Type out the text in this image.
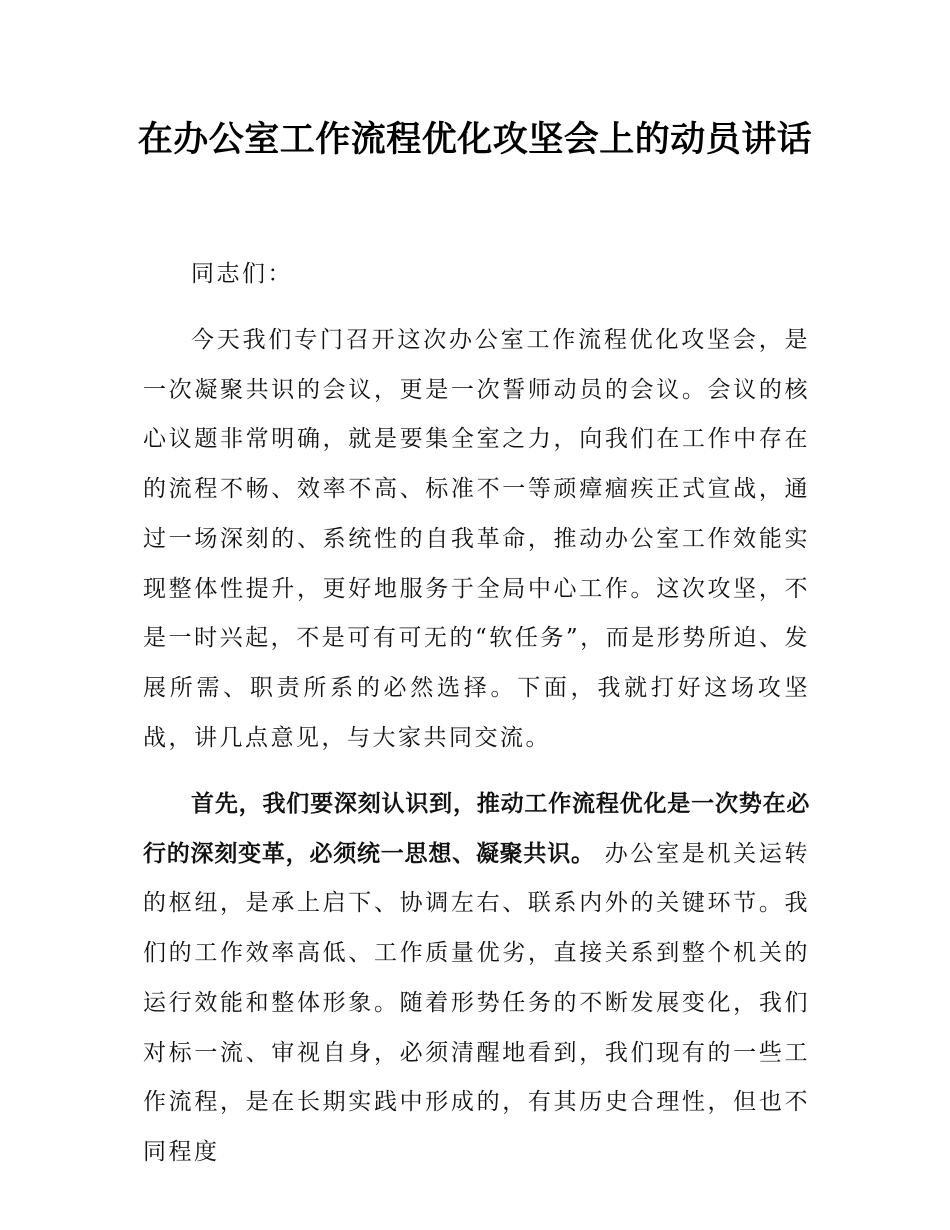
在办公室工作流程优化攻坚会上的动员讲话
同志们：
今天我们专门召开这次办公室工作流程优化攻坚会，是一次凝聚共识的会议，更是一次誓师动员的会议。会议的核心议题非常明确，就是要集全室之力，向我们在工作中存在的流程不畅、效率不高、标准不一等顽瘴痼疾正式宣战，通过一场深刻的、系统性的自我革命，推动办公室工作效能实现整体性提升，更好地服务于全局中心工作。这次攻坚，不是一时兴起，不是可有可无的“软任务”，而是形势所迫、发展所需、职责所系的必然选择。下面，我就打好这场攻坚战，讲几点意见，与大家共同交流。
首先，我们要深刻认识到，推动工作流程优化是一次势在必行的深刻变革，必须统一思想、凝聚共识。 办公室是机关运转的枢纽，是承上启下、协调左右、联系内外的关键环节。我们的工作效率高低、工作质量优劣，直接关系到整个机关的运行效能和整体形象。随着形势任务的不断发展变化，我们对标一流、审视自身，必须清醒地看到，我们现有的一些工作流程，是在长期实践中形成的，有其历史合理性，但也不同程度
